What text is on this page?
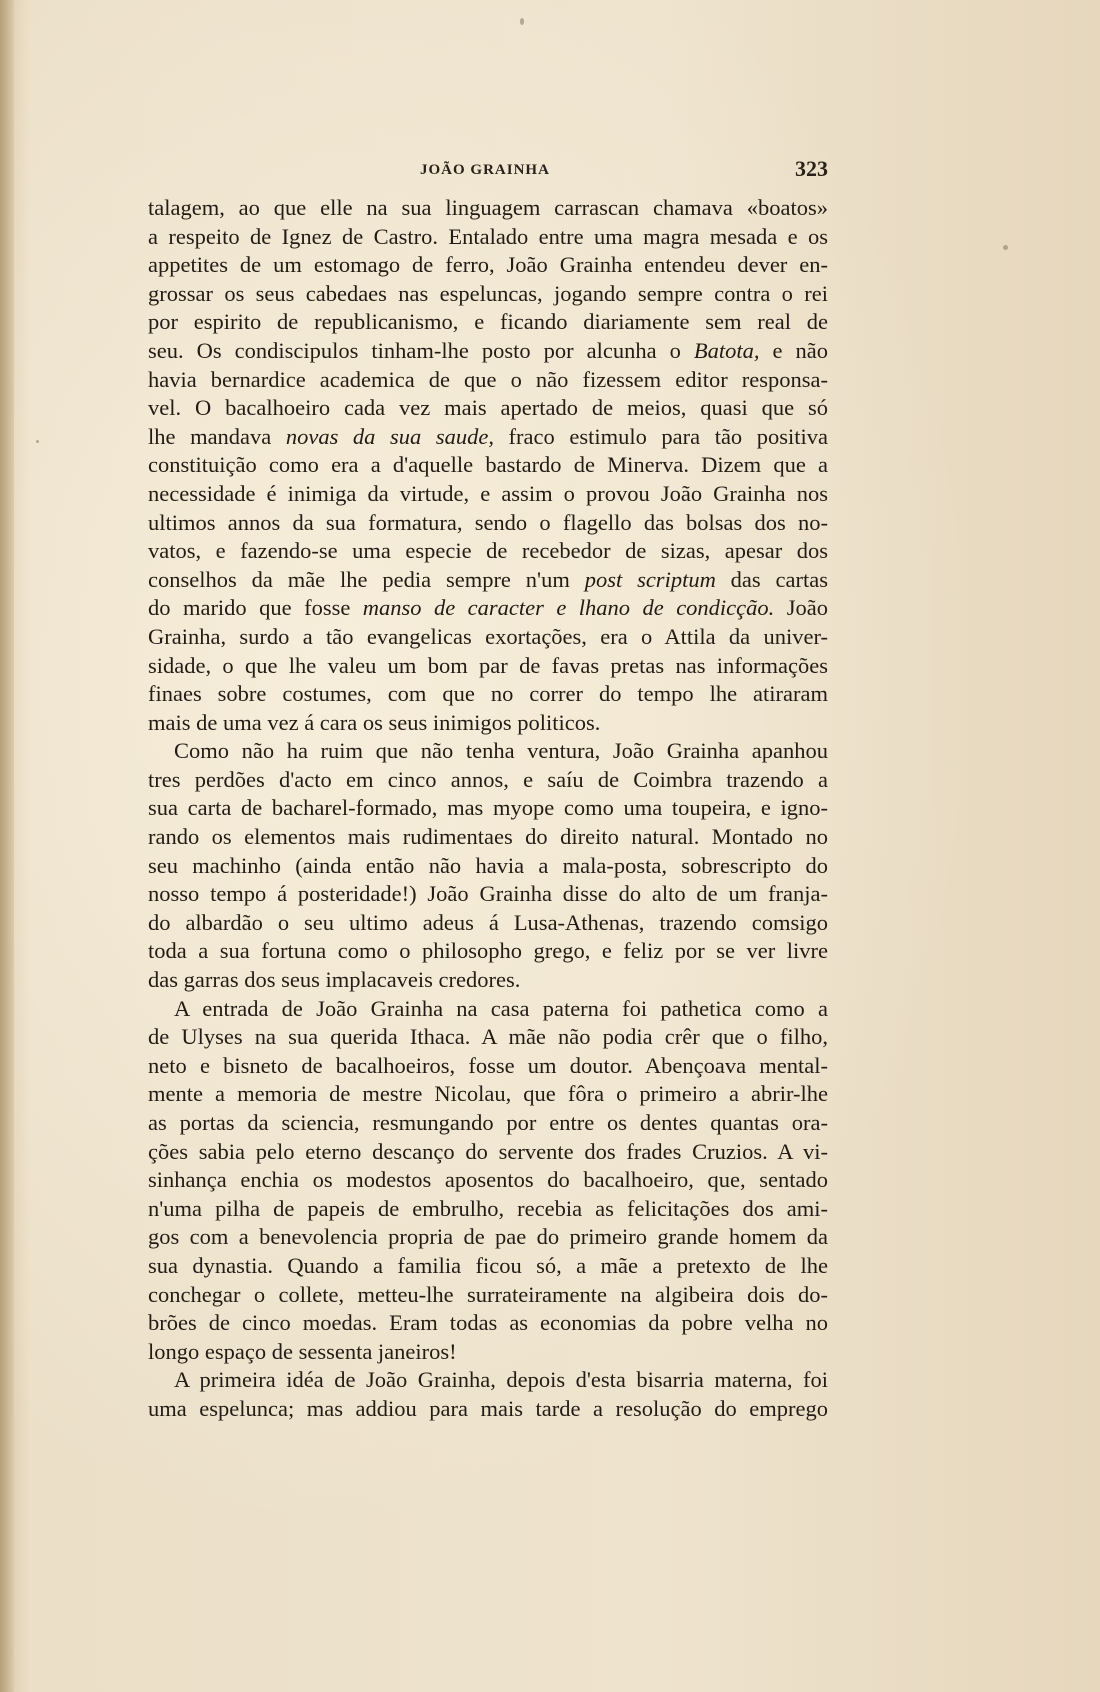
JOÃO GRAINHA	323
talagem, ao que elle na sua linguagem carrascan chamava «boatos»
a respeito de Ignez de Castro. Entalado entre uma magra mesada e os
appetites de um estomago de ferro, João Grainha entendeu dever en-
grossar os seus cabedaes nas espeluncas, jogando sempre contra o rei
por espirito de republicanismo, e ficando diariamente sem real de
seu. Os condiscipulos tinham-lhe posto por alcunha o Batota, e não
havia bernardice academica de que o não fizessem editor responsa-
vel. O bacalhoeiro cada vez mais apertado de meios, quasi que só
lhe mandava novas da sua saude, fraco estimulo para tão positiva
constituição como era a d'aquelle bastardo de Minerva. Dizem que a
necessidade é inimiga da virtude, e assim o provou João Grainha nos
ultimos annos da sua formatura, sendo o flagello das bolsas dos no-
vatos, e fazendo-se uma especie de recebedor de sizas, apesar dos
conselhos da mãe lhe pedia sempre n'um post scriptum das cartas
do marido que fosse manso de caracter e lhano de condicção. João
Grainha, surdo a tão evangelicas exortações, era o Attila da univer-
sidade, o que lhe valeu um bom par de favas pretas nas informações
finaes sobre costumes, com que no correr do tempo lhe atiraram
mais de uma vez á cara os seus inimigos politicos.
Como não ha ruim que não tenha ventura, João Grainha apanhou
tres perdões d'acto em cinco annos, e saíu de Coimbra trazendo a
sua carta de bacharel-formado, mas myope como uma toupeira, e igno-
rando os elementos mais rudimentaes do direito natural. Montado no
seu machinho (ainda então não havia a mala-posta, sobrescripto do
nosso tempo á posteridade!) João Grainha disse do alto de um franja-
do albardão o seu ultimo adeus á Lusa-Athenas, trazendo comsigo
toda a sua fortuna como o philosopho grego, e feliz por se ver livre
das garras dos seus implacaveis credores.
A entrada de João Grainha na casa paterna foi pathetica como a
de Ulyses na sua querida Ithaca. A mãe não podia crêr que o filho,
neto e bisneto de bacalhoeiros, fosse um doutor. Abençoava mental-
mente a memoria de mestre Nicolau, que fôra o primeiro a abrir-lhe
as portas da sciencia, resmungando por entre os dentes quantas ora-
ções sabia pelo eterno descanço do servente dos frades Cruzios. A vi-
sinhança enchia os modestos aposentos do bacalhoeiro, que, sentado
n'uma pilha de papeis de embrulho, recebia as felicitações dos ami-
gos com a benevolencia propria de pae do primeiro grande homem da
sua dynastia. Quando a familia ficou só, a mãe a pretexto de lhe
conchegar o collete, metteu-lhe surrateiramente na algibeira dois do-
brões de cinco moedas. Eram todas as economias da pobre velha no
longo espaço de sessenta janeiros!
A primeira idéa de João Grainha, depois d'esta bisarria materna, foi
uma espelunca; mas addiou para mais tarde a resolução do emprego
